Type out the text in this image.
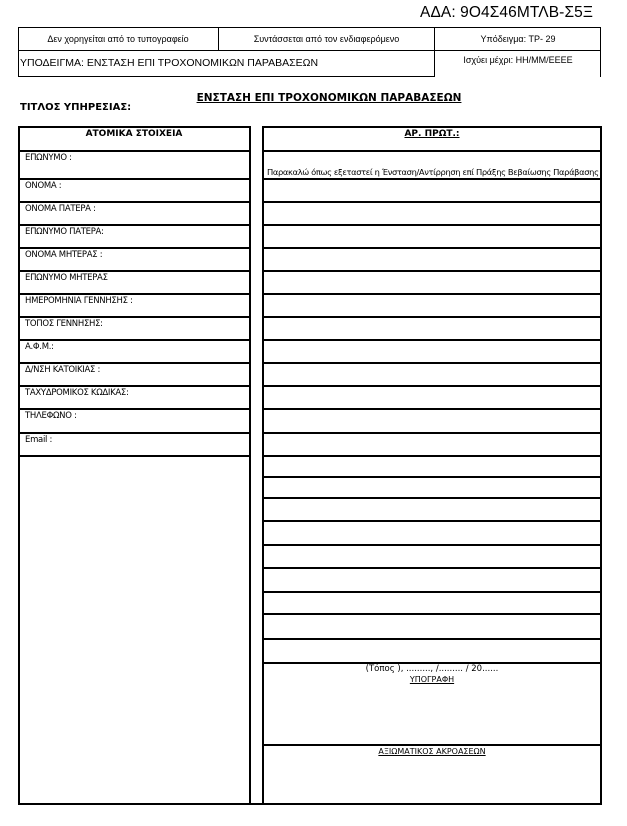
ΑΔΑ: 9Ο4Σ46ΜΤΛΒ-Σ5Ξ
Δεν χορηγείται από το τυπογραφείο	Συντάσσεται από τον ενδιαφερόμενο	Υπόδειγμα: ΤΡ- 29
ΥΠΟΔΕΙΓΜΑ: ΕΝΣΤΑΣΗ ΕΠΙ ΤΡΟΧΟΝΟΜΙΚΩΝ ΠΑΡΑΒΑΣΕΩΝ	Ισχύει μέχρι: ΗΗ/ΜΜ/ΕΕΕΕ
ΕΝΣΤΑΣΗ ΕΠΙ ΤΡΟΧΟΝΟΜΙΚΩΝ ΠΑΡΑΒΑΣΕΩΝ
ΤΙΤΛΟΣ ΥΠΗΡΕΣΙΑΣ:
ΑΤΟΜΙΚΑ ΣΤΟΙΧΕΙΑ
ΕΠΩΝΥΜΟ :
ΟΝΟΜΑ :
ΟΝΟΜΑ ΠΑΤΕΡΑ :
ΕΠΩΝΥΜΟ ΠΑΤΕΡΑ:
ΟΝΟΜΑ ΜΗΤΕΡΑΣ :
ΕΠΩΝΥΜΟ ΜΗΤΕΡΑΣ
ΗΜΕΡΟΜΗΝΙΑ ΓΕΝΝΗΣΗΣ :
ΤΟΠΟΣ ΓΕΝΝΗΣΗΣ:
Α.Φ.Μ.:
Δ/ΝΣΗ ΚΑΤΟΙΚΙΑΣ :
ΤΑΧΥΔΡΟΜΙΚΟΣ ΚΩΔΙΚΑΣ:
ΤΗΛΕΦΩΝΟ :
Email :
ΑΡ. ΠΡΩΤ.:
Παρακαλώ όπως εξεταστεί η Ένσταση/Αντίρρηση επί Πράξης Βεβαίωσης Παράβασης
(Τόπος ), ........., /......... / 20......
ΥΠΟΓΡΑΦΗ
ΑΞΙΩΜΑΤΙΚΟΣ ΑΚΡΟΑΣΕΩΝ
